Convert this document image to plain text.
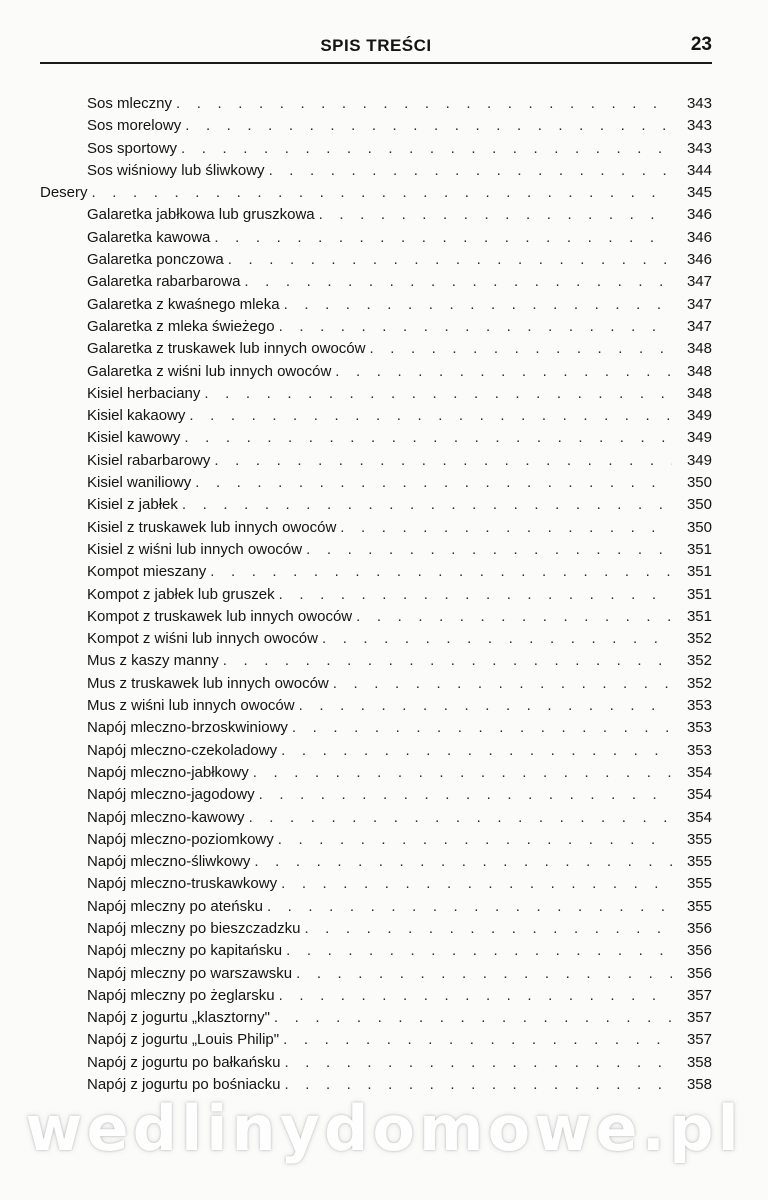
SPIS TREŚCI	23
Sos mleczny . . .	343
Sos morelowy . . .	343
Sos sportowy . . .	343
Sos wiśniowy lub śliwkowy . . .	344
Desery . . .	345
Galaretka jabłkowa lub gruszkowa . . .	346
Galaretka kawowa . . .	346
Galaretka ponczowa . . .	346
Galaretka rabarbarowa . . .	347
Galaretka z kwaśnego mleka . . .	347
Galaretka z mleka świeżego . . .	347
Galaretka z truskawek lub innych owoców . . .	348
Galaretka z wiśni lub innych owoców . . .	348
Kisiel herbaciany . . .	348
Kisiel kakaowy . . .	349
Kisiel kawowy . . .	349
Kisiel rabarbarowy . . .	349
Kisiel waniliowy . . .	350
Kisiel z jabłek . . .	350
Kisiel z truskawek lub innych owoców . . .	350
Kisiel z wiśni lub innych owoców . . .	351
Kompot mieszany . . .	351
Kompot z jabłek lub gruszek . . .	351
Kompot z truskawek lub innych owoców . . .	351
Kompot z wiśni lub innych owoców . . .	352
Mus z kaszy manny . . .	352
Mus z truskawek lub innych owoców . . .	352
Mus z wiśni lub innych owoców . . .	353
Napój mleczno-brzoskwiniowy . . .	353
Napój mleczno-czekoladowy . . .	353
Napój mleczno-jabłkowy . . .	354
Napój mleczno-jagodowy . . .	354
Napój mleczno-kawowy . . .	354
Napój mleczno-poziomkowy . . .	355
Napój mleczno-śliwkowy . . .	355
Napój mleczno-truskawkowy . . .	355
Napój mleczny po ateńsku . . .	355
Napój mleczny po bieszczadzku . . .	356
Napój mleczny po kapitańsku . . .	356
Napój mleczny po warszawsku . . .	356
Napój mleczny po żeglarsku . . .	357
Napój z jogurtu „klasztorny" . . .	357
Napój z jogurtu „Louis Philip" . . .	357
Napój z jogurtu po bałkańsku . . .	358
Napój z jogurtu po bośniacku . . .	358
wedlinydomowe.pl
